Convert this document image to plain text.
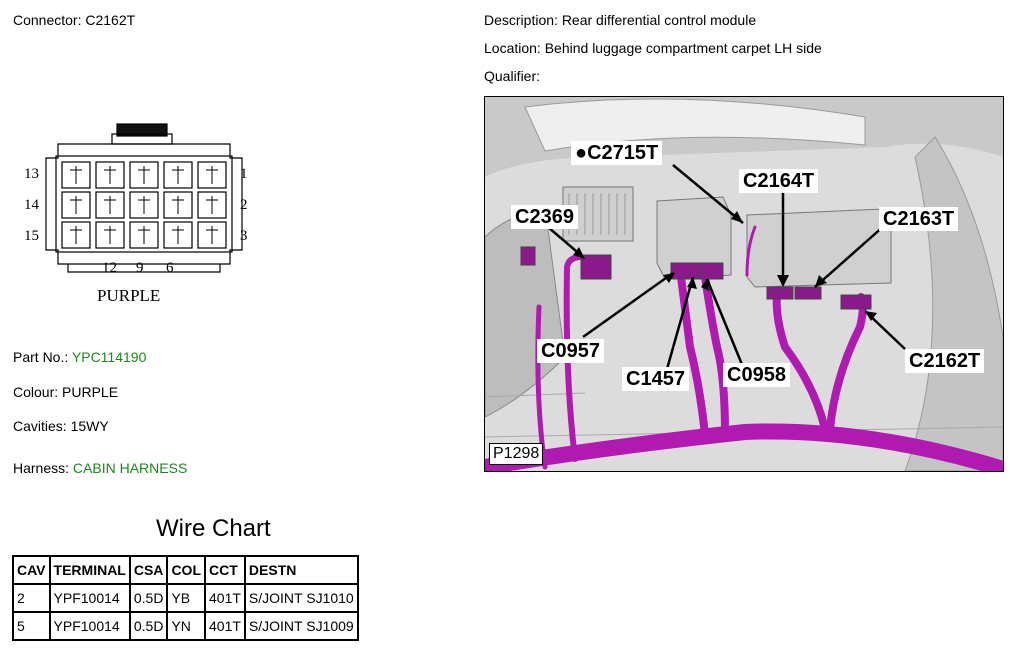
Connector: C2162T	Description: Rear differential control module
Location: Behind luggage compartment carpet LH side
Qualifier:
13
14
15
1
2
3
12 9 6
PURPLE
Part No.: YPC114190
Colour: PURPLE
Cavities: 15WY
Harness: CABIN HARNESS
●C2715T
C2164T
C2369	C2163T
C0957
C1457 C0958
C2162T
P1298
Wire Chart
CAV	TERMINAL	CSA	COL	CCT	DESTN
2	YPF10014	0.5D	YB	401T	S/JOINT SJ1010
5	YPF10014	0.5D	YN	401T	S/JOINT SJ1009
